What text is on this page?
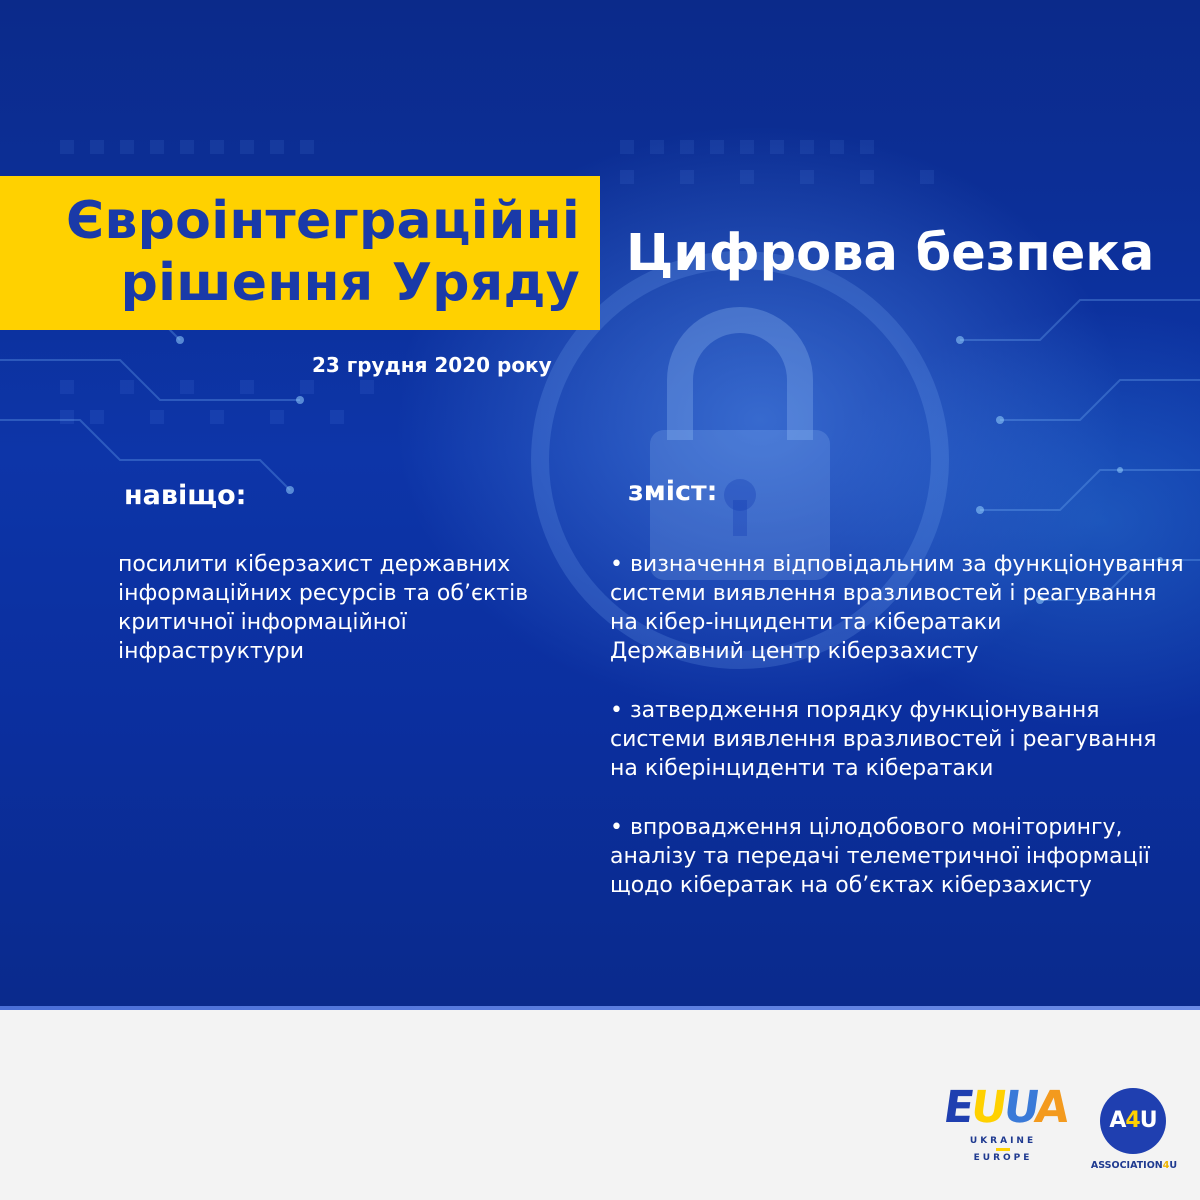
Євроінтеграційні
рішення Уряду Цифрова безпека
23 грудня 2020 року
навіщо:

посилити кіберзахист державних інформаційних ресурсів та об’єктів критичної інформаційної інфраструктури

зміст:
• визначення відповідальним за функціонування системи виявлення вразливостей і реагування на кібер-інциденти та кібератаки
Державний центр кіберзахисту
• затвердження порядку функціонування системи виявлення вразливостей і реагування на кіберінциденти та кібератаки
• впровадження цілодобового моніторингу, аналізу та передачі телеметричної інформації щодо кібератак на об’єктах кіберзахисту
EUUA
UKRAINE
EUROPE
A4U
ASSOCIATION4U
